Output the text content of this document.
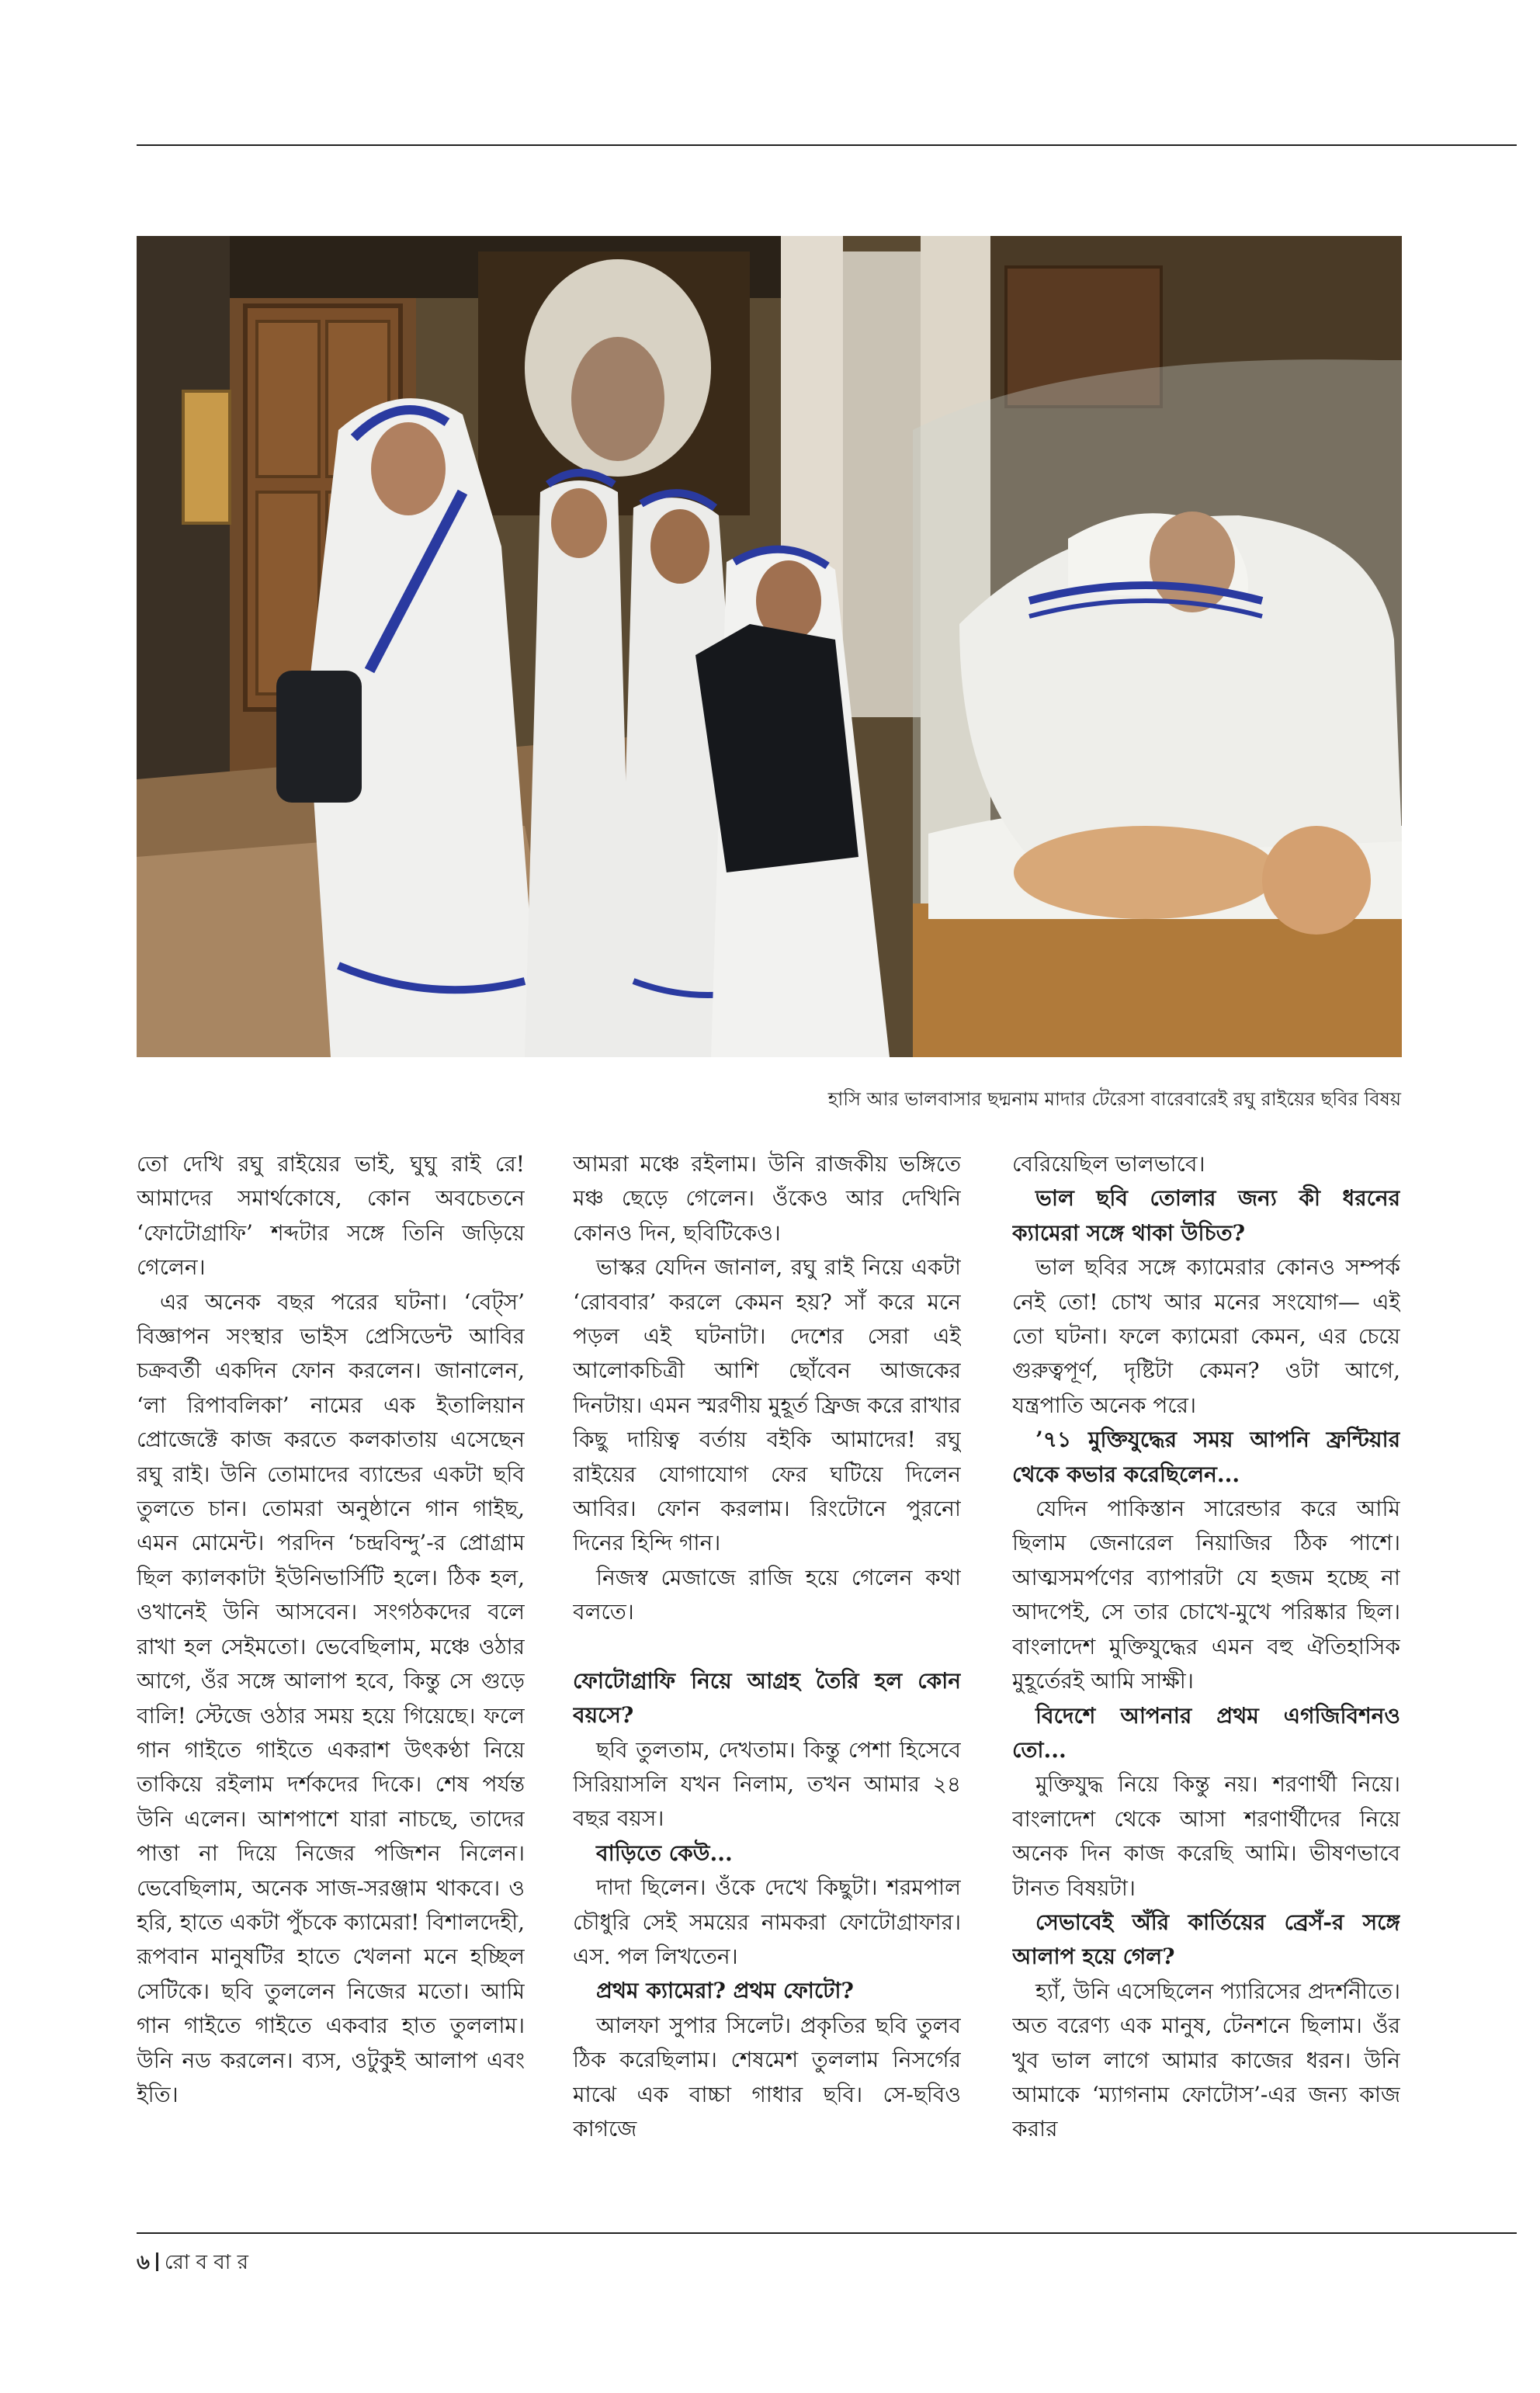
হাসি আর ভালবাসার ছদ্মনাম মাদার টেরেসা বারেবারেই রঘু রাইয়ের ছবির বিষয়

তো দেখি রঘু রাইয়ের ভাই, ঘুঘু রাই রে! আমাদের সমার্থকোষে, কোন অবচেতনে ‘ফোটোগ্রাফি’ শব্দটার সঙ্গে তিনি জড়িয়ে গেলেন।

এর অনেক বছর পরের ঘটনা। ‘বেট্‌স’ বিজ্ঞাপন সংস্থার ভাইস প্রেসিডেন্ট আবির চক্রবর্তী একদিন ফোন করলেন। জানালেন, ‘লা রিপাবলিকা’ নামের এক ইতালিয়ান প্রোজেক্টে কাজ করতে কলকাতায় এসেছেন রঘু রাই। উনি তোমাদের ব্যান্ডের একটা ছবি তুলতে চান। তোমরা অনুষ্ঠানে গান গাইছ, এমন মোমেন্ট। পরদিন ‘চন্দ্রবিন্দু’-র প্রোগ্রাম ছিল ক্যালকাটা ইউনিভার্সিটি হলে। ঠিক হল, ওখানেই উনি আসবেন। সংগঠকদের বলে রাখা হল সেইমতো। ভেবেছিলাম, মঞ্চে ওঠার আগে, ওঁর সঙ্গে আলাপ হবে, কিন্তু সে গুড়ে বালি! স্টেজে ওঠার সময় হয়ে গিয়েছে। ফলে গান গাইতে গাইতে একরাশ উৎকণ্ঠা নিয়ে তাকিয়ে রইলাম দর্শকদের দিকে। শেষ পর্যন্ত উনি এলেন। আশপাশে যারা নাচছে, তাদের পাত্তা না দিয়ে নিজের পজিশন নিলেন। ভেবেছিলাম, অনেক সাজ-সরঞ্জাম থাকবে। ও হরি, হাতে একটা পুঁচকে ক্যামেরা! বিশালদেহী, রূপবান মানুষটির হাতে খেলনা মনে হচ্ছিল সেটিকে। ছবি তুললেন নিজের মতো। আমি গান গাইতে গাইতে একবার হাত তুললাম। উনি নড করলেন। ব্যস, ওটুকুই আলাপ এবং ইতি।

আমরা মঞ্চে রইলাম। উনি রাজকীয় ভঙ্গিতে মঞ্চ ছেড়ে গেলেন। ওঁকেও আর দেখিনি কোনও দিন, ছবিটিকেও।

ভাস্কর যেদিন জানাল, রঘু রাই নিয়ে একটা ‘রোববার’ করলে কেমন হয়? সাঁ করে মনে পড়ল এই ঘটনাটা। দেশের সেরা এই আলোকচিত্রী আশি ছোঁবেন আজকের দিনটায়। এমন স্মরণীয় মুহূর্ত ফ্রিজ করে রাখার কিছু দায়িত্ব বর্তায় বইকি আমাদের! রঘু রাইয়ের যোগাযোগ ফের ঘটিয়ে দিলেন আবির। ফোন করলাম। রিংটোনে পুরনো দিনের হিন্দি গান।

নিজস্ব মেজাজে রাজি হয়ে গেলেন কথা বলতে।

ফোটোগ্রাফি নিয়ে আগ্রহ তৈরি হল কোন বয়সে?

ছবি তুলতাম, দেখতাম। কিন্তু পেশা হিসেবে সিরিয়াসলি যখন নিলাম, তখন আমার ২৪ বছর বয়স।

বাড়িতে কেউ...

দাদা ছিলেন। ওঁকে দেখে কিছুটা। শরমপাল চৌধুরি সেই সময়ের নামকরা ফোটোগ্রাফার। এস. পল লিখতেন।

প্রথম ক্যামেরা? প্রথম ফোটো?

আলফা সুপার সিলেট। প্রকৃতির ছবি তুলব ঠিক করেছিলাম। শেষমেশ তুললাম নিসর্গের মাঝে এক বাচ্চা গাধার ছবি। সে-ছবিও কাগজে

বেরিয়েছিল ভালভাবে।

ভাল ছবি তোলার জন্য কী ধরনের ক্যামেরা সঙ্গে থাকা উচিত?

ভাল ছবির সঙ্গে ক্যামেরার কোনও সম্পর্ক নেই তো! চোখ আর মনের সংযোগ— এই তো ঘটনা। ফলে ক্যামেরা কেমন, এর চেয়ে গুরুত্বপূর্ণ, দৃষ্টিটা কেমন? ওটা আগে, যন্ত্রপাতি অনেক পরে।

’৭১ মুক্তিযুদ্ধের সময় আপনি ফ্রন্টিয়ার থেকে কভার করেছিলেন...

যেদিন পাকিস্তান সারেন্ডার করে আমি ছিলাম জেনারেল নিয়াজির ঠিক পাশে। আত্মসমর্পণের ব্যাপারটা যে হজম হচ্ছে না আদপেই, সে তার চোখে-মুখে পরিষ্কার ছিল। বাংলাদেশ মুক্তিযুদ্ধের এমন বহু ঐতিহাসিক মুহূর্তেরই আমি সাক্ষী।

বিদেশে আপনার প্রথম এগজিবিশনও তো...

মুক্তিযুদ্ধ নিয়ে কিন্তু নয়। শরণার্থী নিয়ে। বাংলাদেশ থেকে আসা শরণার্থীদের নিয়ে অনেক দিন কাজ করেছি আমি। ভীষণভাবে টানত বিষয়টা।

সেভাবেই অঁরি কার্তিয়ের ব্রেসঁ-র সঙ্গে আলাপ হয়ে গেল?

হ্যাঁ, উনি এসেছিলেন প্যারিসের প্রদর্শনীতে। অত বরেণ্য এক মানুষ, টেনশনে ছিলাম। ওঁর খুব ভাল লাগে আমার কাজের ধরন। উনি আমাকে ‘ম্যাগনাম ফোটোস’-এর জন্য কাজ করার

৬ রো ব বা র
